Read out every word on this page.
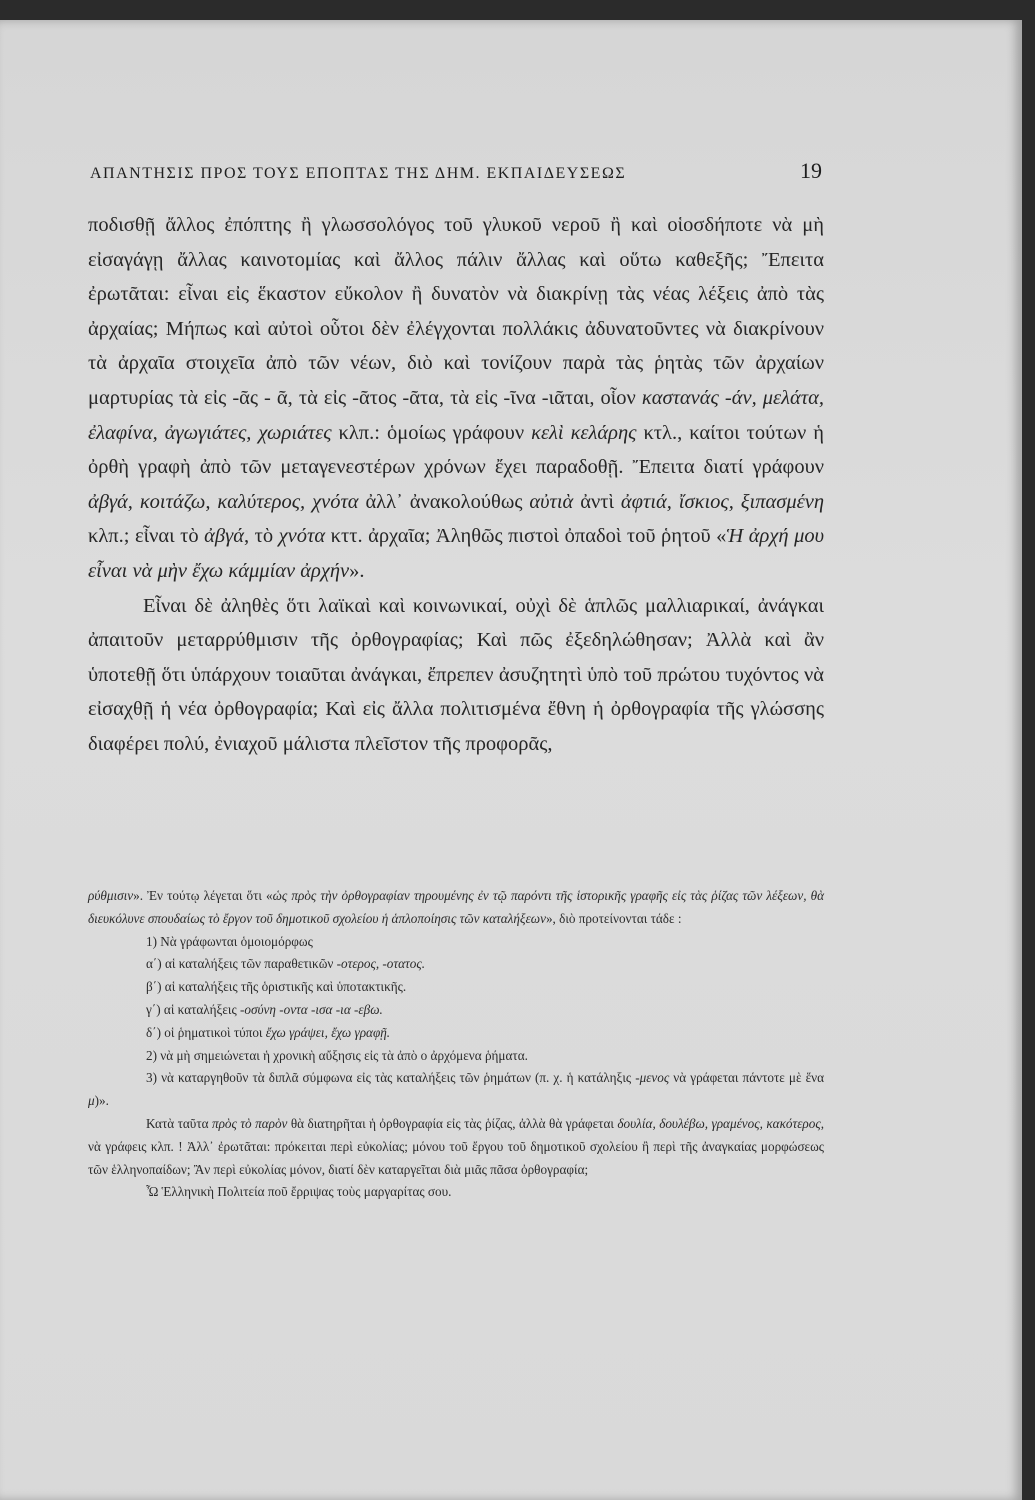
ΑΠΑΝΤΗΣΙΣ ΠΡΟΣ ΤΟΥΣ ΕΠΟΠΤΑΣ ΤΗΣ ΔΗΜ. ΕΚΠΑΙΔΕΥΣΕΩΣ	19

ποδισθῇ ἄλλος ἐπόπτης ἢ γλωσσολόγος τοῦ γλυκοῦ νεροῦ ἢ καὶ οἱοσδήποτε νὰ μὴ εἰσαγάγῃ ἄλλας καινοτομίας καὶ ἄλλος πάλιν ἄλλας καὶ οὕτω καθεξῆς; Ἔπειτα ἐρωτᾶται: εἶναι εἰς ἕκαστον εὔκολον ἢ δυνατὸν νὰ διακρίνῃ τὰς νέας λέξεις ἀπὸ τὰς ἀρχαίας; Μήπως καὶ αὐτοὶ οὗτοι δὲν ἐλέγχονται πολλάκις ἀδυνατοῦντες νὰ διακρίνουν τὰ ἀρχαῖα στοιχεῖα ἀπὸ τῶν νέων, διὸ καὶ τονίζουν παρὰ τὰς ῥητὰς τῶν ἀρχαίων μαρτυρίας τὰ εἰς -ᾶς - ᾶ, τὰ εἰς -ᾶτος -ᾶτα, τὰ εἰς -ῖνα -ιᾶται, οἷον καστανάς -άν, μελάτα, ἐλαφίνα, ἀγωγιάτες, χωριάτες κλπ.: ὁμοίως γράφουν κελὶ κελάρης κτλ., καίτοι τούτων ἡ ὀρθὴ γραφὴ ἀπὸ τῶν μεταγενεστέρων χρόνων ἔχει παραδοθῇ. Ἔπειτα διατί γράφουν ἀβγά, κοιτάζω, καλύτερος, χνότα ἀλλ᾽ ἀνακολούθως αὐτιὰ ἀντὶ ἀφτιά, ἴσκιος, ξιπασμένη κλπ.; εἶναι τὸ ἀβγά, τὸ χνότα κττ. ἀρχαῖα; Ἀληθῶς πιστοὶ ὀπαδοὶ τοῦ ῥητοῦ «Ἡ ἀρχή μου εἶναι νὰ μὴν ἔχω κάμμίαν ἀρχήν».

Εἶναι δὲ ἀληθὲς ὅτι λαϊκαὶ καὶ κοινωνικαί, οὐχὶ δὲ ἁπλῶς μαλλιαρικαί, ἀνάγκαι ἀπαιτοῦν μεταρρύθμισιν τῆς ὀρθογραφίας; Καὶ πῶς ἐξεδηλώθησαν; Ἀλλὰ καὶ ἂν ὑποτεθῇ ὅτι ὑπάρχουν τοιαῦται ἀνάγκαι, ἔπρεπεν ἀσυζητητὶ ὑπὸ τοῦ πρώτου τυχόντος νὰ εἰσαχθῇ ἡ νέα ὀρθογραφία; Καὶ εἰς ἄλλα πολιτισμένα ἔθνη ἡ ὀρθογραφία τῆς γλώσσης διαφέρει πολύ, ἐνιαχοῦ μάλιστα πλεῖστον τῆς προφορᾶς,

ρύθμισιν». Ἐν τούτῳ λέγεται ὅτι «ὡς πρὸς τὴν ὀρθογραφίαν τηρουμένης ἐν τῷ παρόντι τῆς ἱστορικῆς γραφῆς εἰς τὰς ῥίζας τῶν λέξεων, θὰ διευκόλυνε σπουδαίως τὸ ἔργον τοῦ δημοτικοῦ σχολείου ἡ ἁπλοποίησις τῶν καταλήξεων», διὸ προτείνονται τάδε :

1) Νὰ γράφωνται ὁμοιομόρφως

α΄) αἱ καταλήξεις τῶν παραθετικῶν -οτερος, -οτατος.

β΄) αἱ καταλήξεις τῆς ὁριστικῆς καὶ ὑποτακτικῆς.

γ΄) αἱ καταλήξεις -οσύνη -οντα -ισα -ια -εβω.

δ΄) οἱ ῥηματικοὶ τύποι ἔχω γράψει, ἔχω γραφῇ.

2) νὰ μὴ σημειώνεται ἡ χρονικὴ αὔξησις εἰς τὰ ἀπὸ ο ἀρχόμενα ῥήματα.

3) νὰ καταργηθοῦν τὰ διπλᾶ σύμφωνα εἰς τὰς καταλήξεις τῶν ῥημάτων (π. χ. ἡ κατάληξις -μενος νὰ γράφεται πάντοτε μὲ ἕνα μ)».

Κατὰ ταῦτα πρὸς τὸ παρὸν θὰ διατηρῆται ἡ ὀρθογραφία εἰς τὰς ῥίζας, ἀλλὰ θὰ γράφεται δουλία, δουλέβω, γραμένος, κακότερος, νὰ γράφεις κλπ. ! Ἀλλ᾽ ἐρωτᾶται: πρόκειται περὶ εὐκολίας; μόνου τοῦ ἔργου τοῦ δημοτικοῦ σχολείου ἢ περὶ τῆς ἀναγκαίας μορφώσεως τῶν ἑλληνοπαίδων; Ἂν περὶ εὐκολίας μόνον, διατί δὲν καταργεῖται διὰ μιᾶς πᾶσα ὀρθογραφία;

Ὦ Ἑλληνικὴ Πολιτεία ποῦ ἔρριψας τοὺς μαργαρίτας σου.
